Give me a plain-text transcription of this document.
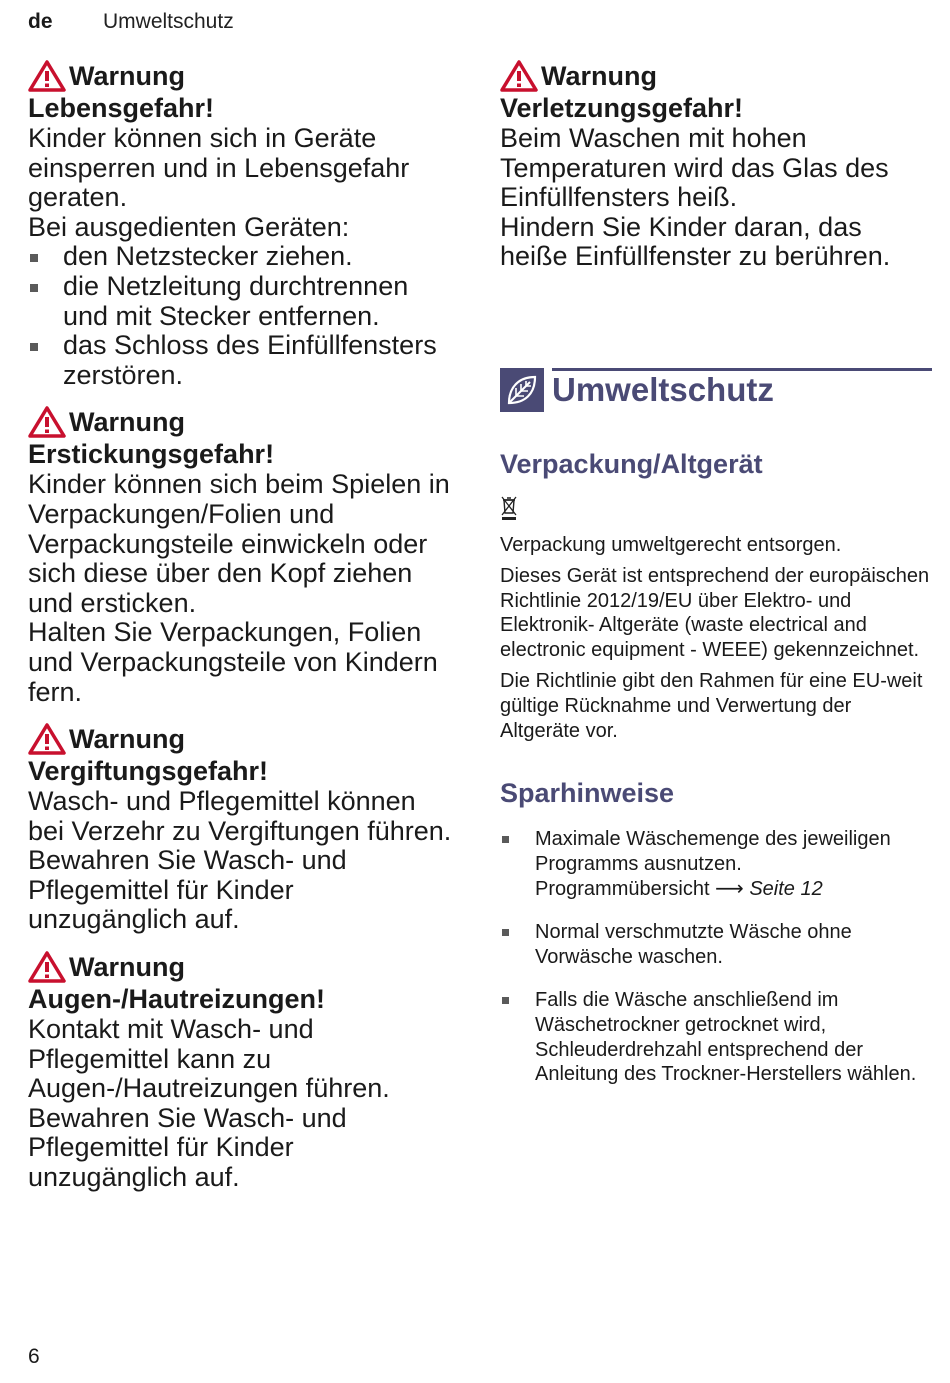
de Umweltschutz
Warnung
Lebensgefahr!
Kinder können sich in Geräte einsperren und in Lebensgefahr geraten.
Bei ausgedienten Geräten:
den Netzstecker ziehen.
die Netzleitung durchtrennen und mit Stecker entfernen.
das Schloss des Einfüllfensters zerstören.
Warnung
Erstickungsgefahr!
Kinder können sich beim Spielen in Verpackungen/Folien und Verpackungsteile einwickeln oder sich diese über den Kopf ziehen und ersticken.
Halten Sie Verpackungen, Folien und Verpackungsteile von Kindern fern.
Warnung
Vergiftungsgefahr!
Wasch- und Pflegemittel können bei Verzehr zu Vergiftungen führen.
Bewahren Sie Wasch- und Pflegemittel für Kinder unzugänglich auf.
Warnung
Augen-/Hautreizungen!
Kontakt mit Wasch- und Pflegemittel kann zu Augen-/Hautreizungen führen.
Bewahren Sie Wasch- und Pflegemittel für Kinder unzugänglich auf.
Warnung
Verletzungsgefahr!
Beim Waschen mit hohen Temperaturen wird das Glas des Einfüllfensters heiß.
Hindern Sie Kinder daran, das heiße Einfüllfenster zu berühren.
Umweltschutz
Verpackung/Altgerät
Verpackung umweltgerecht entsorgen.
Dieses Gerät ist entsprechend der europäischen Richtlinie 2012/19/EU über Elektro- und Elektronik- Altgeräte (waste electrical and electronic equipment - WEEE) gekennzeichnet.
Die Richtlinie gibt den Rahmen für eine EU-weit gültige Rücknahme und Verwertung der Altgeräte vor.
Sparhinweise
Maximale Wäschemenge des jeweiligen Programms ausnutzen.
Programmübersicht ⟶ Seite 12
Normal verschmutzte Wäsche ohne Vorwäsche waschen.
Falls die Wäsche anschließend im Wäschetrockner getrocknet wird, Schleuderdrehzahl entsprechend der Anleitung des Trockner-Herstellers wählen.
6
